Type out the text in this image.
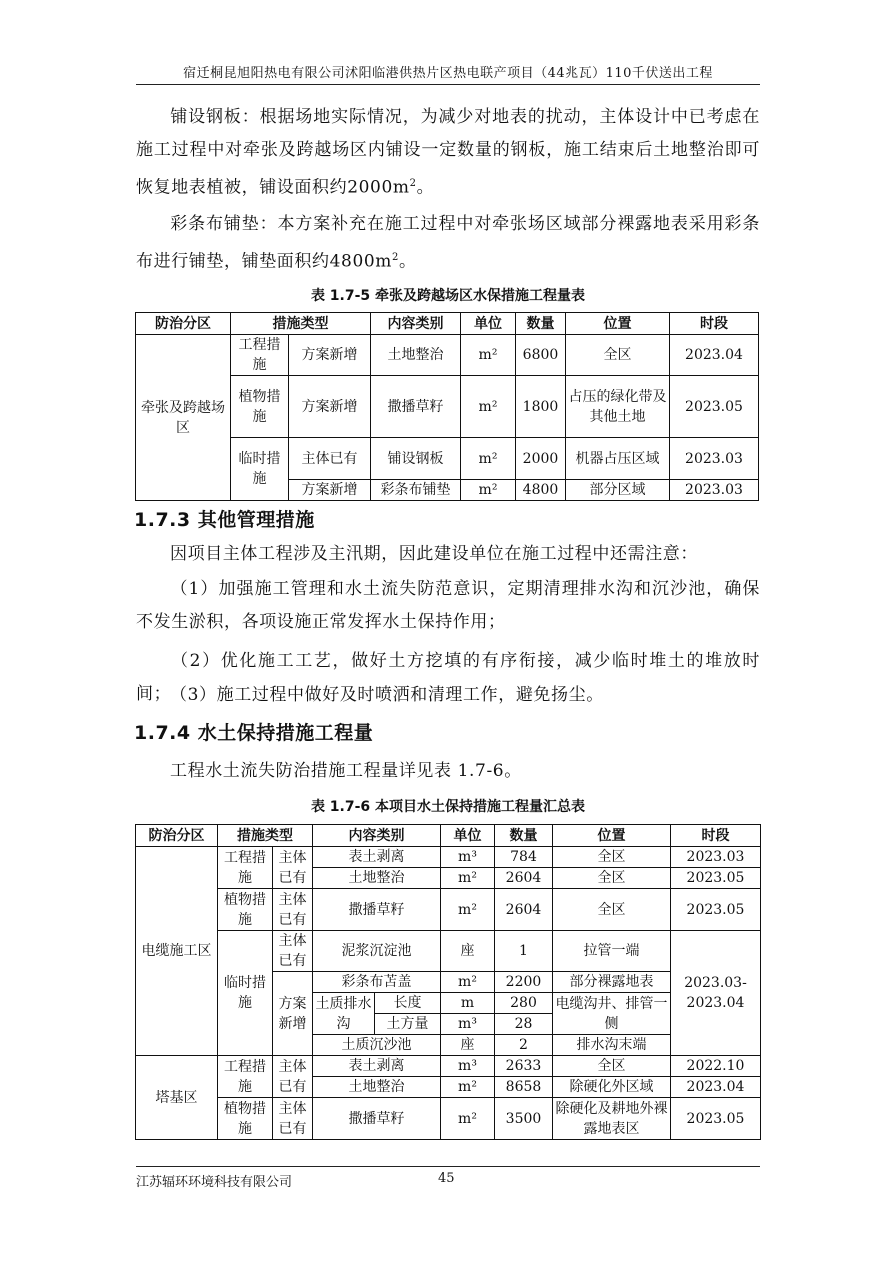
宿迁桐昆旭阳热电有限公司沭阳临港供热片区热电联产项目（44兆瓦）110千伏送出工程

铺设钢板：根据场地实际情况，为减少对地表的扰动，主体设计中已考虑在施工过程中对牵张及跨越场区内铺设一定数量的钢板，施工结束后土地整治即可恢复地表植被，铺设面积约$2000m^2$。

彩条布铺垫：本方案补充在施工过程中对牵张场区域部分裸露地表采用彩条布进行铺垫，铺垫面积约$4800m^2$。

表 1.7-5 牵张及跨越场区水保措施工程量表
防治分区	措施类型		内容类别	单位	数量	位置	时段
牵张及跨越场区	工程措施	方案新增	土地整治	m²	6800	全区	2023.04
	植物措施	方案新增	撒播草籽	m²	1800	占压的绿化带及其他土地	2023.05
	临时措施	主体已有	铺设钢板	m²	2000	机器占压区域	2023.03
		方案新增	彩条布铺垫	m²	4800	部分区域	2023.03
1.7.3 其他管理措施

因项目主体工程涉及主汛期，因此建设单位在施工过程中还需注意：

（1）加强施工管理和水土流失防范意识，定期清理排水沟和沉沙池，确保不发生淤积，各项设施正常发挥水土保持作用；

（2）优化施工工艺，做好土方挖填的有序衔接，减少临时堆土的堆放时间；

（3）施工过程中做好及时喷洒和清理工作，避免扬尘。

1.7.4 水土保持措施工程量

工程水土流失防治措施工程量详见表 1.7-6。

表 1.7-6 本项目水土保持措施工程量汇总表
防治分区	措施类型		内容类别		单位	数量	位置	时段
电缆施工区	工程措施	主体已有	表土剥离		m³	784	全区	2023.03
			土地整治		m²	2604	全区	2023.05
	植物措施	主体已有	撒播草籽		m²	2604	全区	2023.05
	临时措施	主体已有	泥浆沉淀池		座	1	拉管一端	2023.03-2023.04
		方案新增	彩条布苫盖		m²	2200	部分裸露地表	
			土质排水沟	长度	m	280	电缆沟井、排管一侧	
				土方量	m³	28		
			土质沉沙池		座	2	排水沟末端	

塔基区	工程措施	主体已有	表土剥离		m³	2633	全区	2022.10
			土地整治		m²	8658	除硬化外区域	2023.04
	植物措施	主体已有	撒播草籽		m²	3500	除硬化及耕地外裸露地表区	2023.05
江苏辐环环境科技有限公司	45
